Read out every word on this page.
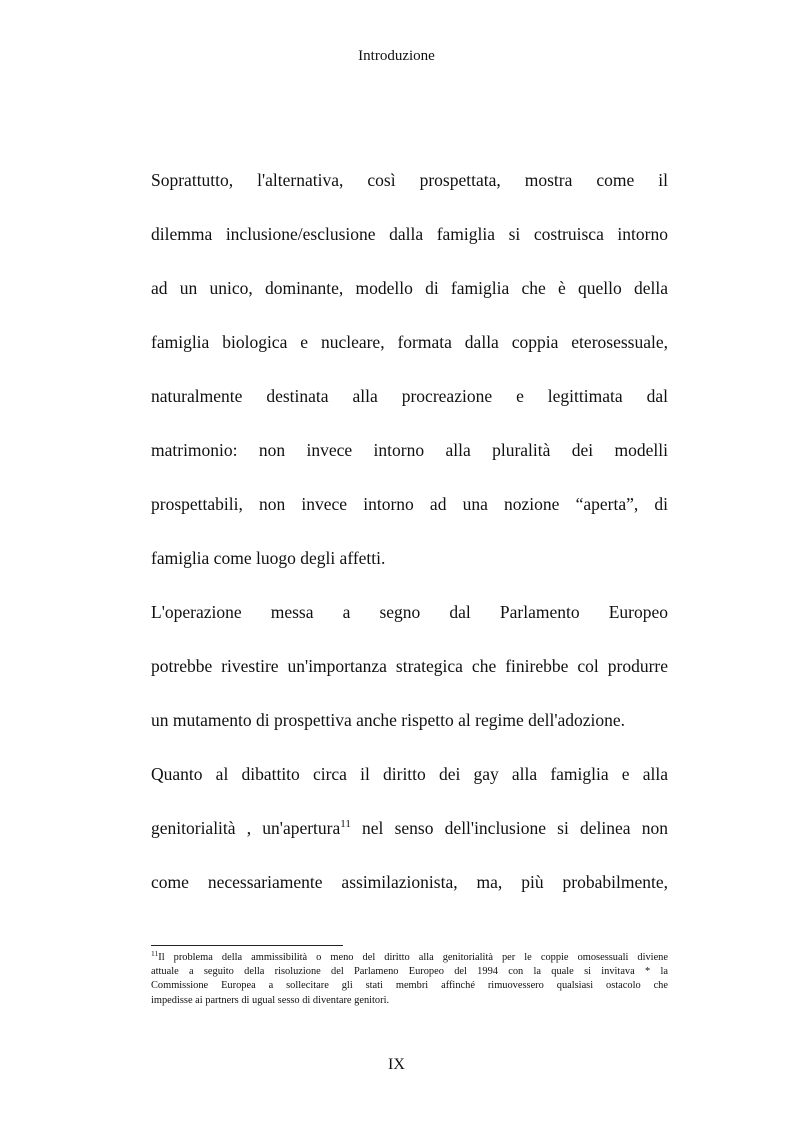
Introduzione
Soprattutto, l'alternativa, così prospettata, mostra come il
dilemma inclusione/esclusione dalla famiglia si costruisca intorno
ad un unico, dominante, modello di famiglia che è quello della
famiglia biologica e nucleare, formata dalla coppia eterosessuale,
naturalmente destinata alla procreazione e legittimata dal
matrimonio: non invece intorno alla pluralità dei modelli
prospettabili, non invece intorno ad una nozione “aperta”, di
famiglia come luogo degli affetti.
L'operazione messa a segno dal Parlamento Europeo
potrebbe rivestire un'importanza strategica che finirebbe col produrre
un mutamento di prospettiva anche rispetto al regime dell'adozione.
Quanto al dibattito circa il diritto dei gay alla famiglia e alla
genitorialità , un'apertura$^{11}$ nel senso dell'inclusione si delinea non
come necessariamente assimilazionista, ma, più probabilmente,
$^{11}$Il problema della ammissibilità o meno del diritto alla genitorialità per le coppie omosessuali diviene
attuale a seguito della risoluzione del Parlameno Europeo del 1994 con la quale si invitava * la
Commissione Europea a sollecitare gli stati membri affinché rimuovessero qualsiasi ostacolo che
impedisse ai partners di ugual sesso di diventare genitori.
IX
